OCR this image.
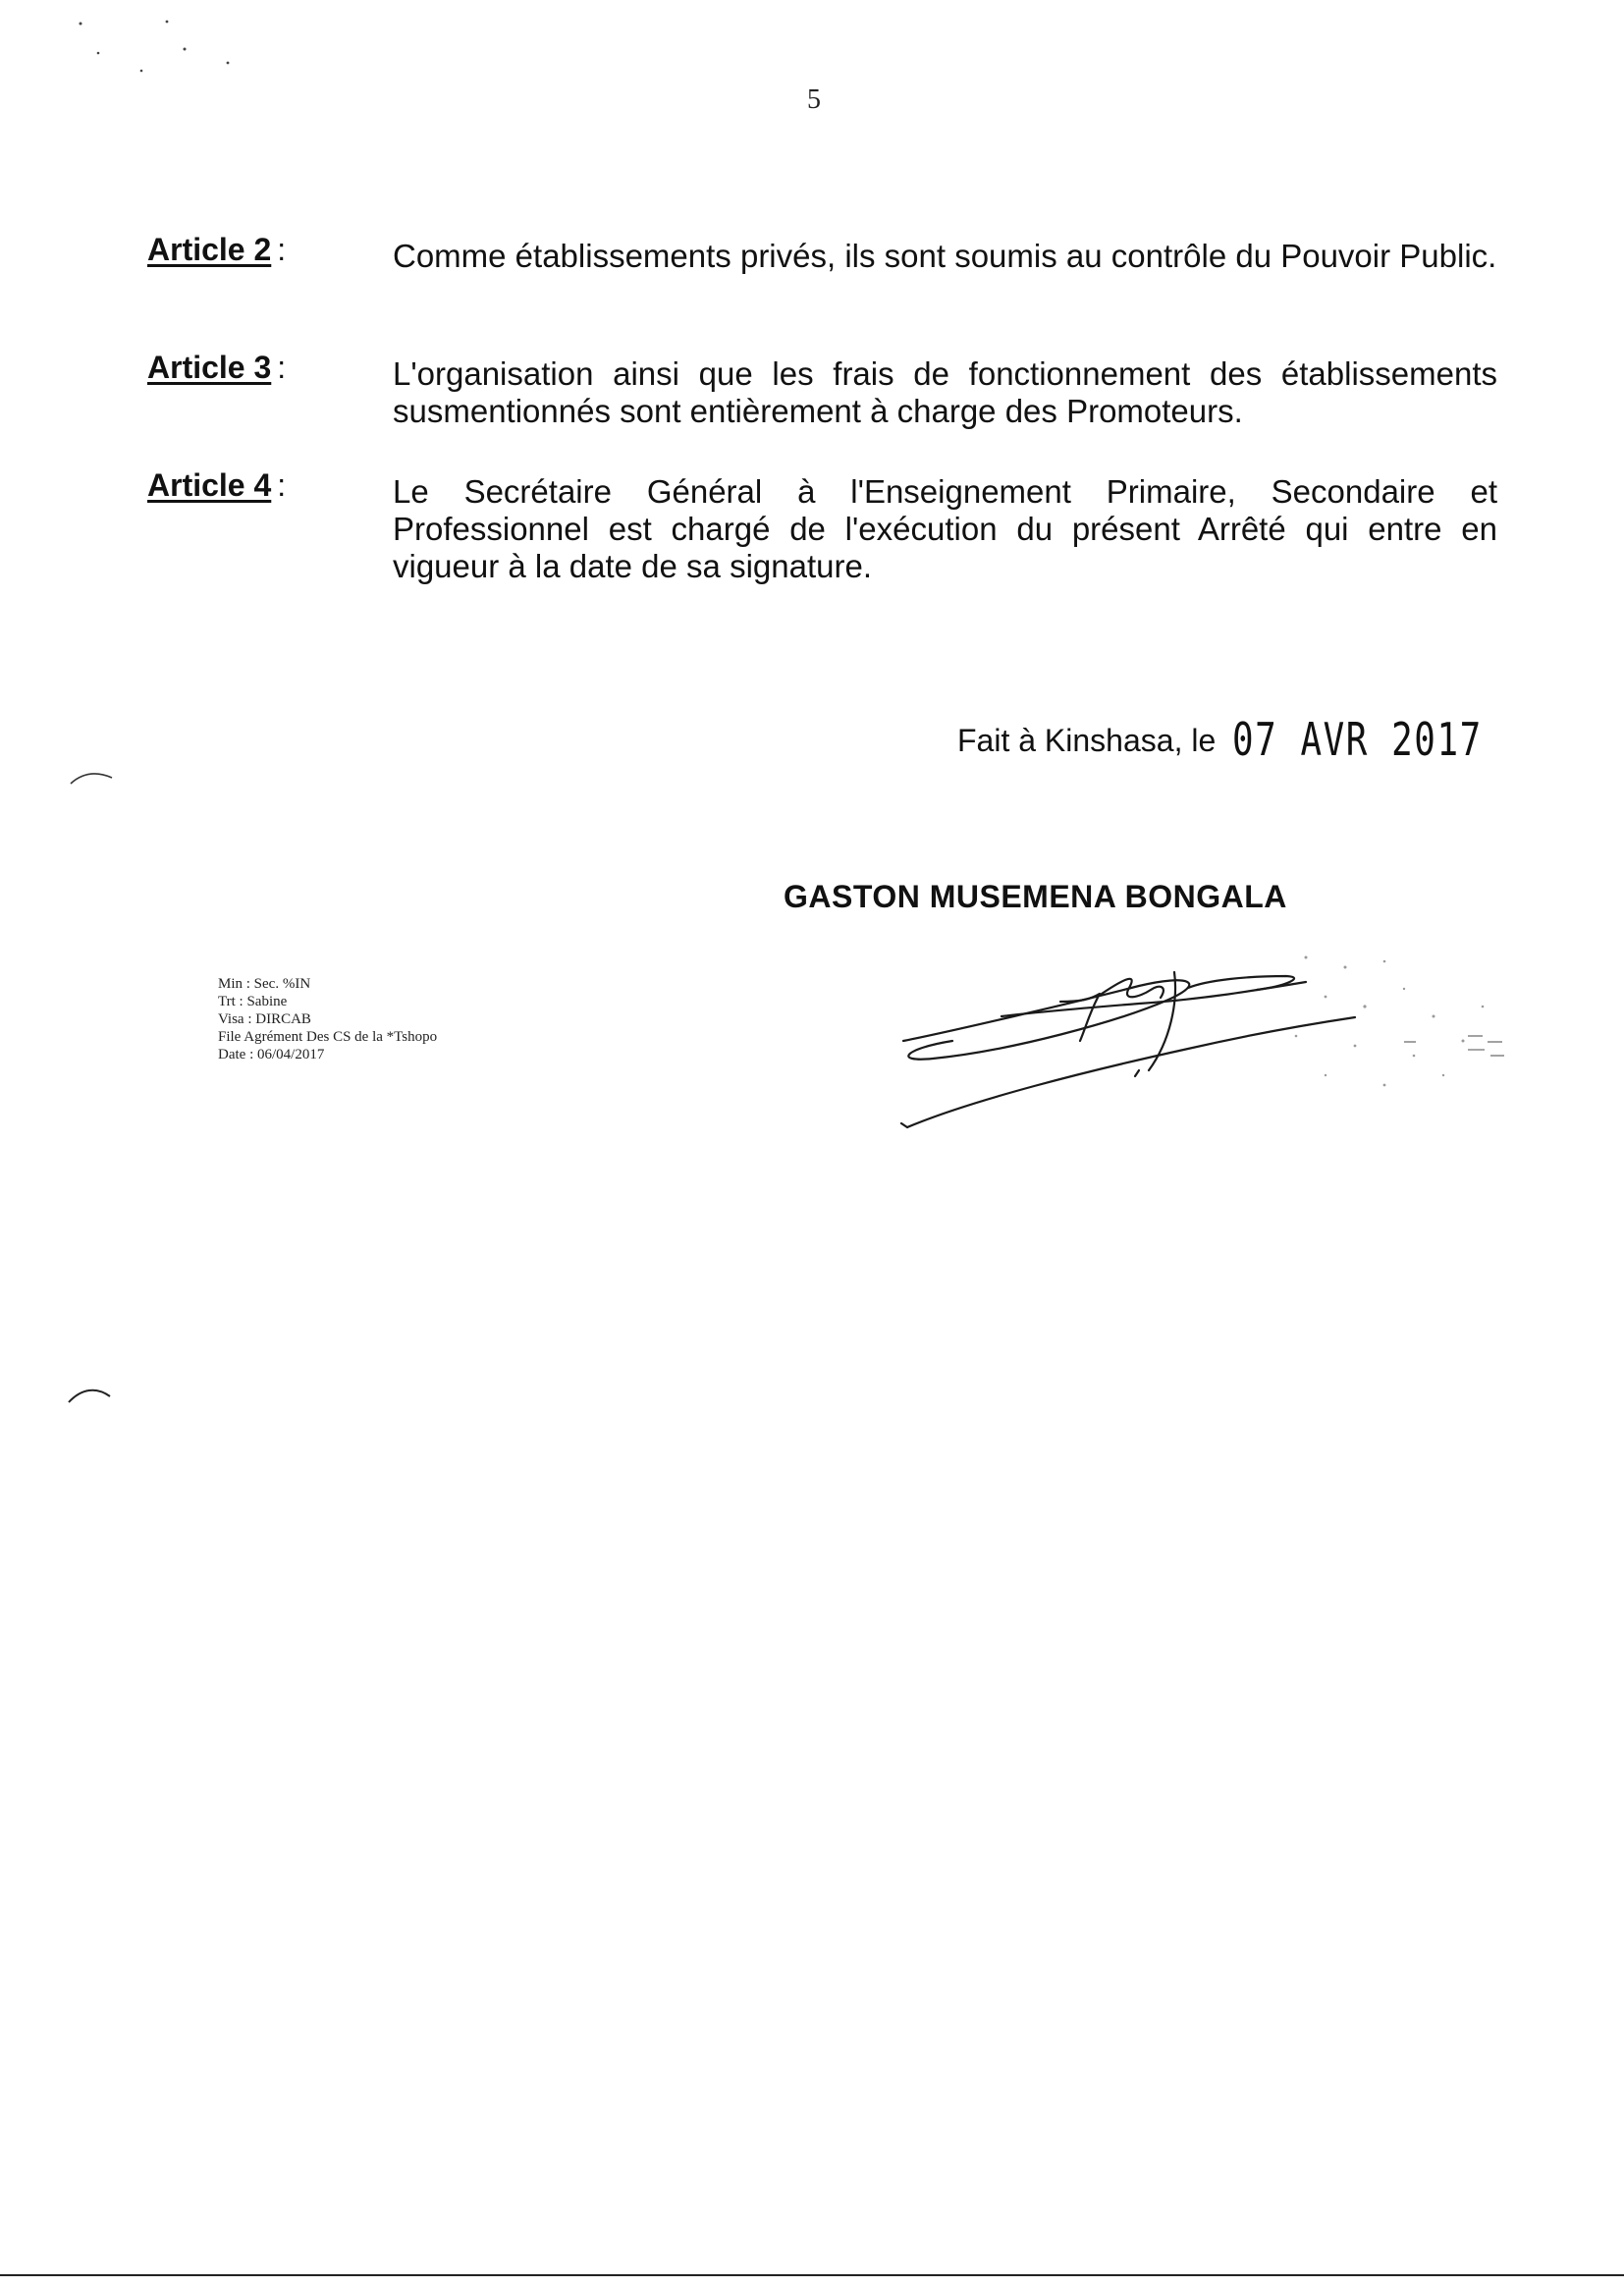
5
Article 2 :	Comme établissements privés, ils sont soumis au contrôle du Pouvoir Public.
Article 3 :	L'organisation ainsi que les frais de fonctionnement des établissements susmentionnés sont entièrement à charge des Promoteurs.
Article 4 :	Le Secrétaire Général à l'Enseignement Primaire, Secondaire et Professionnel est chargé de l'exécution du présent Arrêté qui entre en vigueur à la date de sa signature.
Fait à Kinshasa, le 07 AVR 2017
GASTON MUSEMENA BONGALA
Min : Sec. %IN
Trt : Sabine
Visa : DIRCAB
File Agrément Des CS de la *Tshopo
Date : 06/04/2017
